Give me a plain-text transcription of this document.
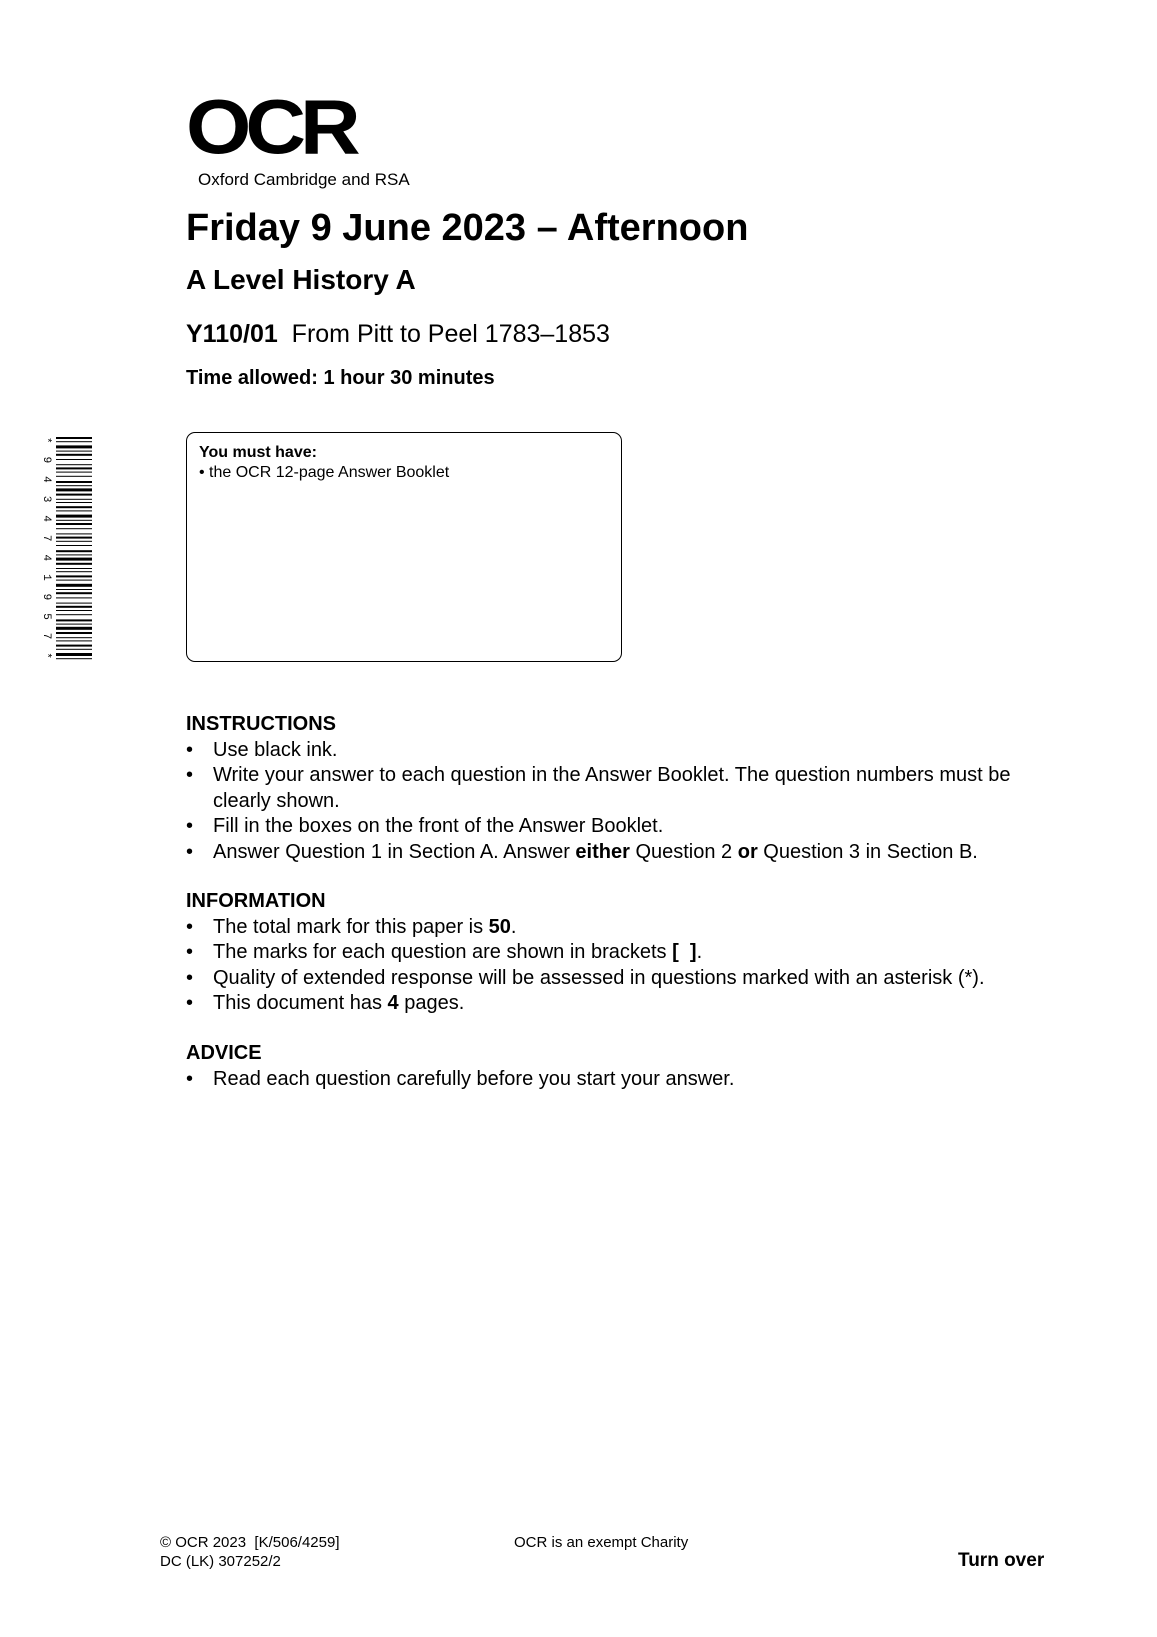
OCR
Oxford Cambridge and RSA
Friday 9 June 2023 – Afternoon
A Level History A
Y110/01 From Pitt to Peel 1783–1853
Time allowed: 1 hour 30 minutes
* 9 4 3 4 7 4 1 9 5 7 *
You must have:
• the OCR 12-page Answer Booklet
INSTRUCTIONS
• Use black ink.
• Write your answer to each question in the Answer Booklet. The question numbers must be clearly shown.
• Fill in the boxes on the front of the Answer Booklet.
• Answer Question 1 in Section A. Answer either Question 2 or Question 3 in Section B.
INFORMATION
• The total mark for this paper is 50.
• The marks for each question are shown in brackets [  ].
• Quality of extended response will be assessed in questions marked with an asterisk (*).
• This document has 4 pages.
ADVICE
• Read each question carefully before you start your answer.
© OCR 2023  [K/506/4259]
DC (LK) 307252/2
OCR is an exempt Charity
Turn over
